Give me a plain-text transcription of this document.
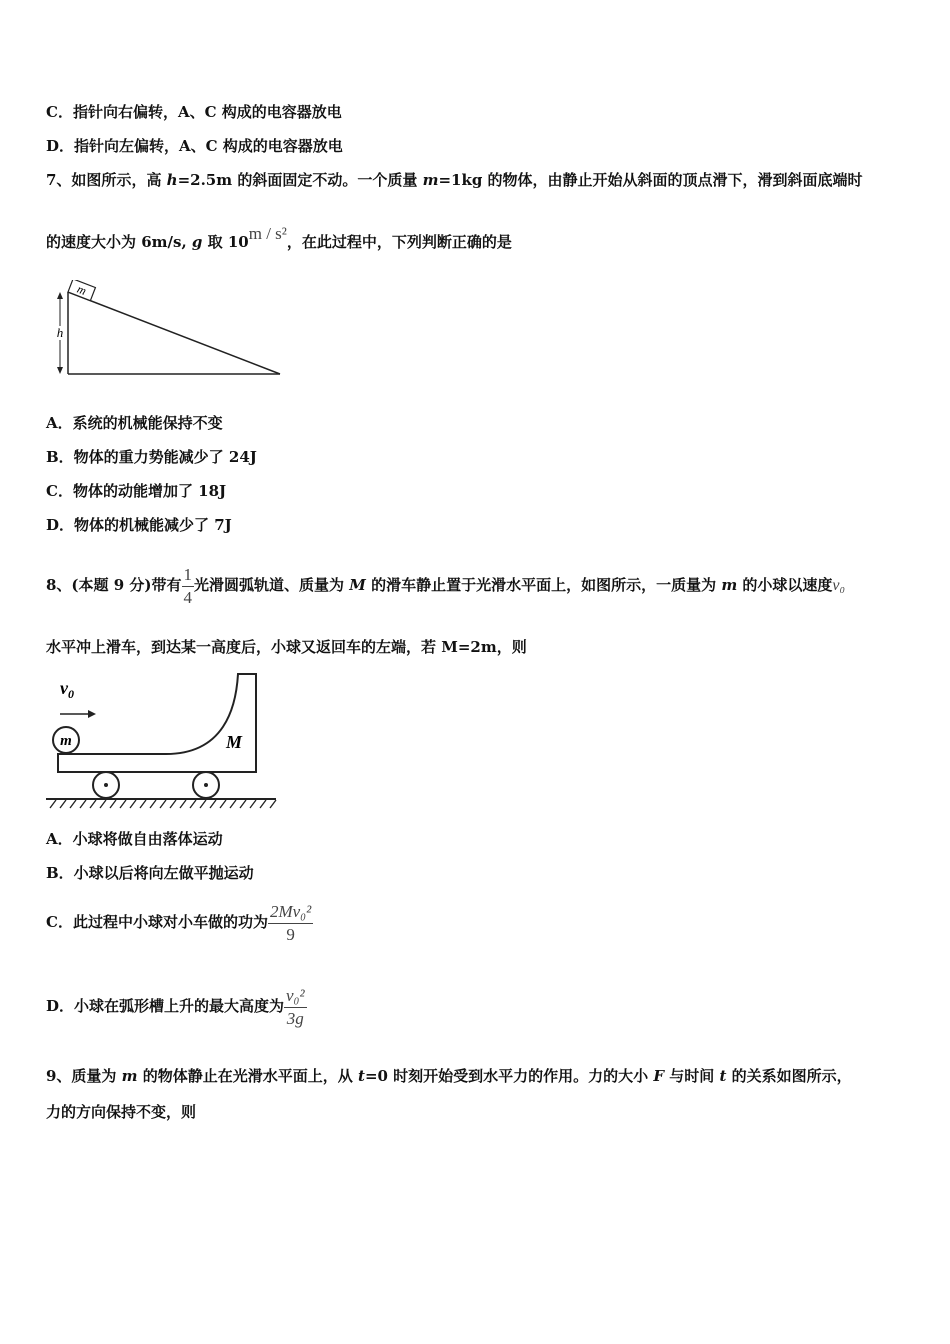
C．指针向右偏转，A、C 构成的电容器放电
D．指针向左偏转，A、C 构成的电容器放电
7、如图所示，高 h=2.5m 的斜面固定不动。一个质量 m=1kg 的物体，由静止开始从斜面的顶点滑下，滑到斜面底端时
的速度大小为 6m/s, g 取 10m / s²，在此过程中，下列判断正确的是
m
h
A．系统的机械能保持不变
B．物体的重力势能减少了 24J
C．物体的动能增加了 18J
D．物体的机械能减少了 7J
8、(本题 9 分)带有 $\frac{1}{4}$ 光滑圆弧轨道、质量为 M 的滑车静止置于光滑水平面上，如图所示，一质量为 m 的小球以速度v₀
水平冲上滑车，到达某一高度后，小球又返回车的左端，若 M=2m，则
$v_0$
m	M
A．小球将做自由落体运动
B．小球以后将向左做平抛运动
C．此过程中小球对小车做的功为 $\frac{\text{2Mv₀²}}{9}$
D．小球在弧形槽上升的最大高度为 $\frac{\text{v₀²}}{3g}$
9、质量为 m 的物体静止在光滑水平面上，从 t=0 时刻开始受到水平力的作用。力的大小 F 与时间 t 的关系如图所示，
力的方向保持不变，则
